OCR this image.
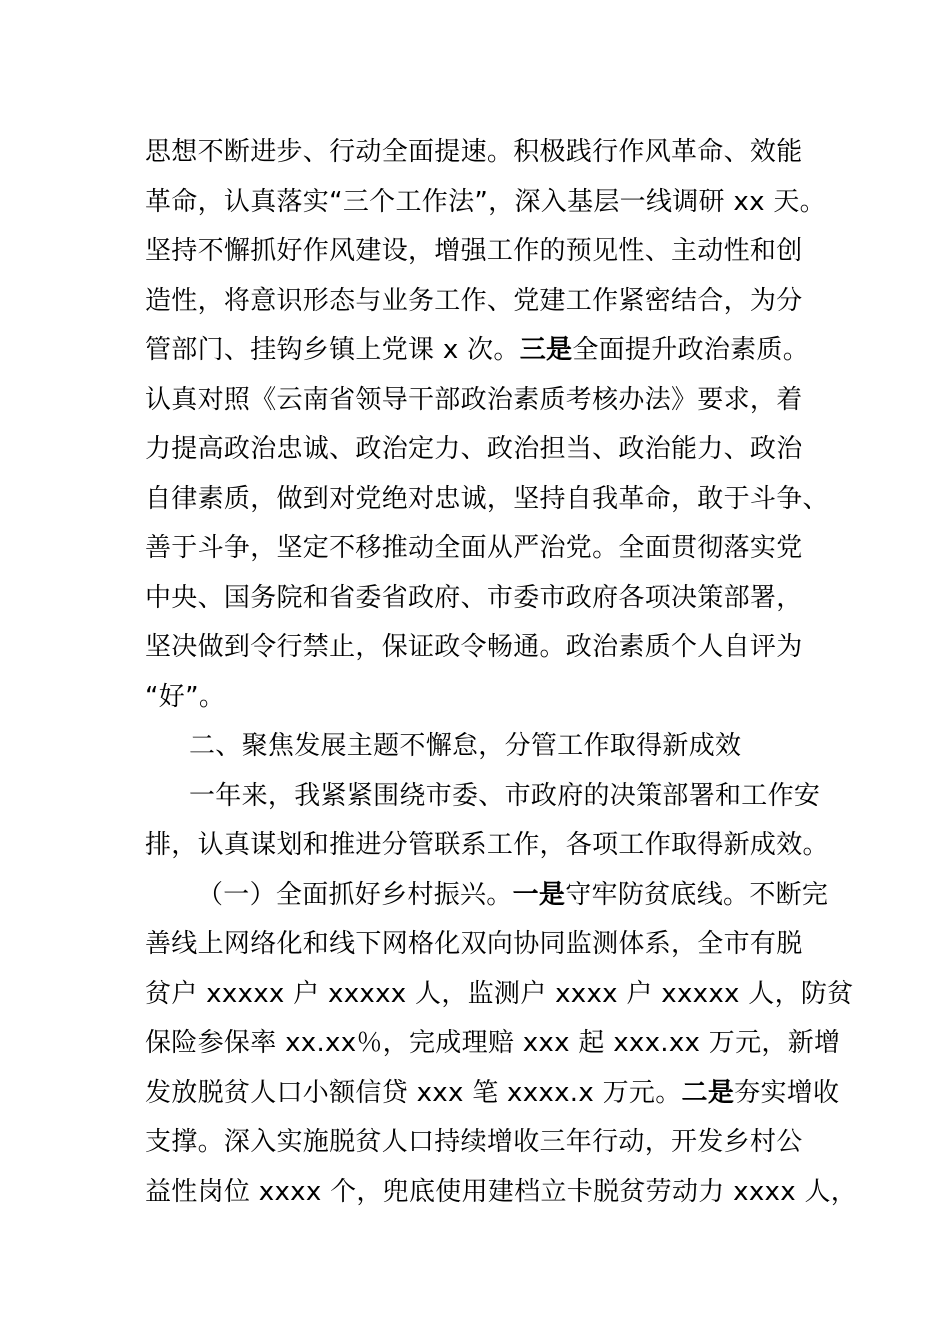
思想不断进步、行动全面提速。积极践行作风革命、效能
革命，认真落实“三个工作法”，深入基层一线调研 xx 天。
坚持不懈抓好作风建设，增强工作的预见性、主动性和创
造性，将意识形态与业务工作、党建工作紧密结合，为分
管部门、挂钩乡镇上党课 x 次。三是全面提升政治素质。
认真对照《云南省领导干部政治素质考核办法》要求，着
力提高政治忠诚、政治定力、政治担当、政治能力、政治
自律素质，做到对党绝对忠诚，坚持自我革命，敢于斗争、
善于斗争，坚定不移推动全面从严治党。全面贯彻落实党
中央、国务院和省委省政府、市委市政府各项决策部署，
坚决做到令行禁止，保证政令畅通。政治素质个人自评为
“好”。
二、聚焦发展主题不懈怠，分管工作取得新成效
一年来，我紧紧围绕市委、市政府的决策部署和工作安
排，认真谋划和推进分管联系工作，各项工作取得新成效。
（一）全面抓好乡村振兴。一是守牢防贫底线。不断完
善线上网络化和线下网格化双向协同监测体系，全市有脱
贫户 xxxxx 户 xxxxx 人，监测户 xxxx 户 xxxxx 人，防贫
保险参保率 xx.xx％，完成理赔 xxx 起 xxx.xx 万元，新增
发放脱贫人口小额信贷 xxx 笔 xxxx.x 万元。二是夯实增收
支撑。深入实施脱贫人口持续增收三年行动，开发乡村公
益性岗位 xxxx 个，兜底使用建档立卡脱贫劳动力 xxxx 人，
